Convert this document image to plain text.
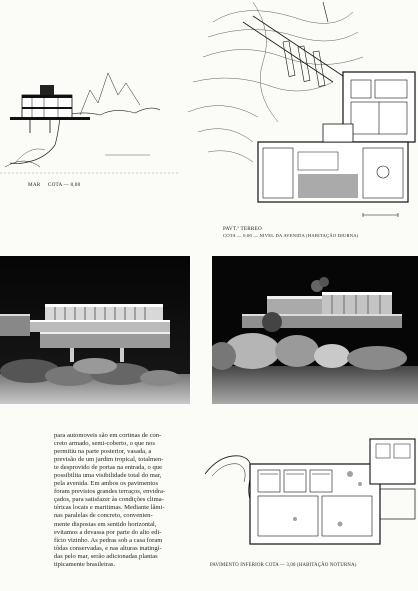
MAR COTA — 8,00
PAVT.º TERREO
COTA — 0,00 — NIVEL DA AVENIDA (HABITAÇÃO DIURNA)
para automoveis são em cortinas de con-
creto armado, semi-coberto, o que nos
permitiu na parte posterior, vasada, a
previsão de um jardim tropical, totalmen-
te desprovido de portas na entrada, o que
possibilita uma visibilidade total do mar,
pela avenida. Em ambos os pavimentos
foram previstos grandes terraços, envidra-
çados, para satisfazer às condições clima-
téricas locais e maritimas. Mediante lâmi-
nas paralelas de concreto, convenien-
mente dispostas em sentido horizontal,
evitamos a devassa por parte do alto edi-
fício vizinho. As pedras sob a casa foram
tôdas conservadas, e nas alturas inatingí-
das pelo mar, serão adicionadas plantas
tipicamente brasileiras.	PAVIMENTO INFERIOR COTA — 3,00 (HABITAÇÃO NOTURNA)
